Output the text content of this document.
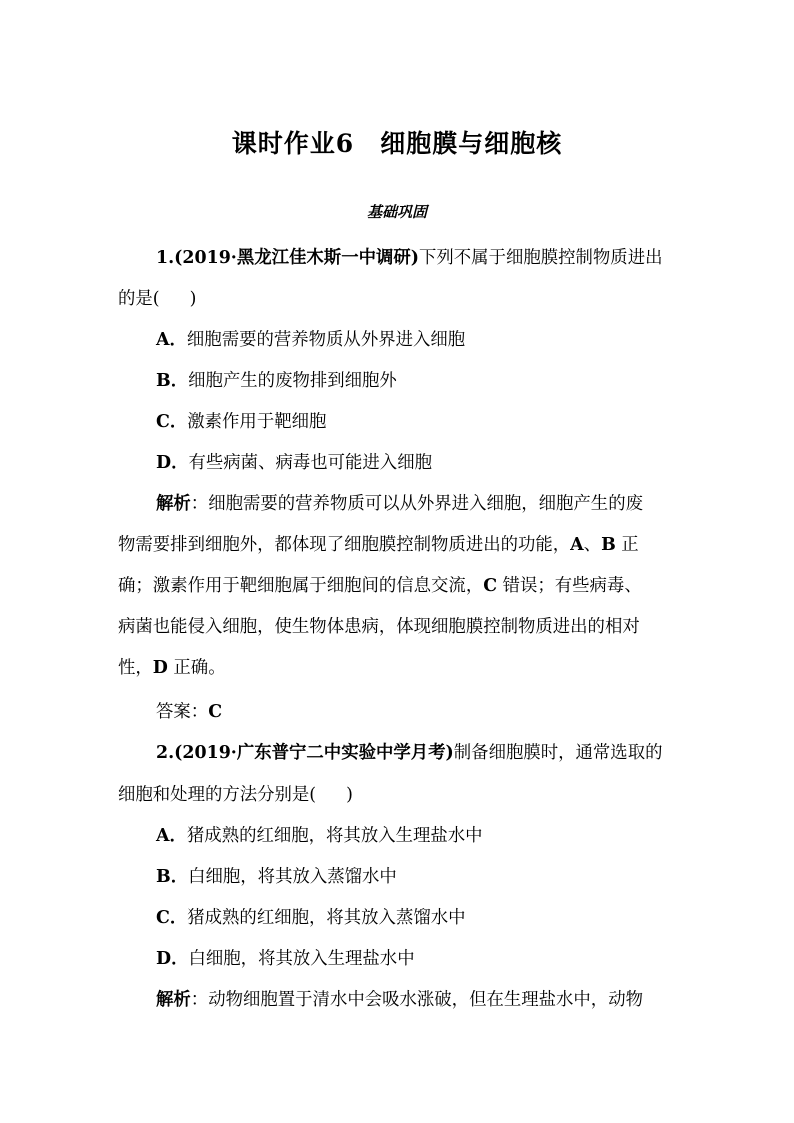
课时作业6　细胞膜与细胞核
基础巩固
1.(2019·黑龙江佳木斯一中调研)下列不属于细胞膜控制物质进出
的是( )
A．细胞需要的营养物质从外界进入细胞
B．细胞产生的废物排到细胞外
C．激素作用于靶细胞
D．有些病菌、病毒也可能进入细胞
解析：细胞需要的营养物质可以从外界进入细胞，细胞产生的废
物需要排到细胞外，都体现了细胞膜控制物质进出的功能，A、B 正
确；激素作用于靶细胞属于细胞间的信息交流，C 错误；有些病毒、
病菌也能侵入细胞，使生物体患病，体现细胞膜控制物质进出的相对
性，D 正确。
答案：C
2.(2019·广东普宁二中实验中学月考)制备细胞膜时，通常选取的
细胞和处理的方法分别是( )
A．猪成熟的红细胞，将其放入生理盐水中
B．白细胞，将其放入蒸馏水中
C．猪成熟的红细胞，将其放入蒸馏水中
D．白细胞，将其放入生理盐水中
解析：动物细胞置于清水中会吸水涨破，但在生理盐水中，动物
